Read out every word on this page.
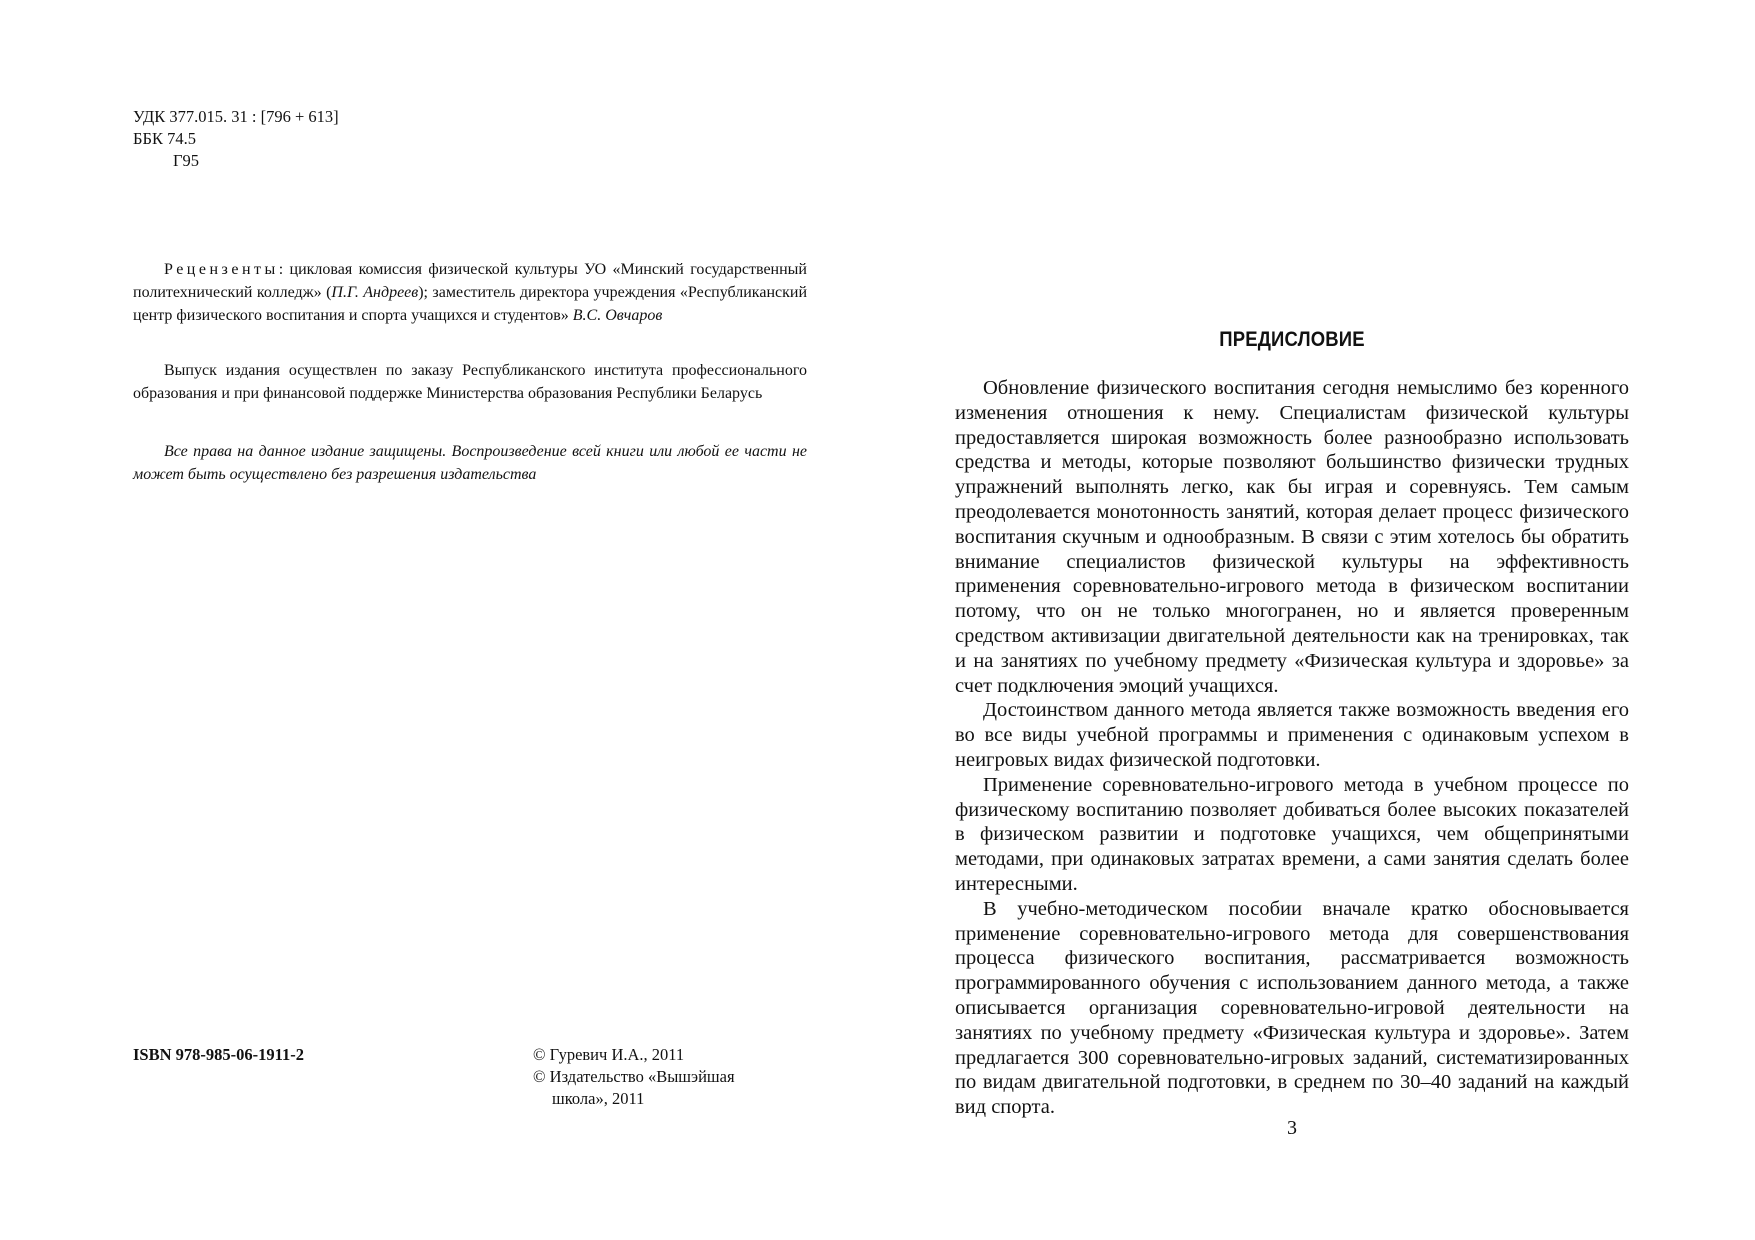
УДК 377.015. 31 : [796 + 613]
ББК 74.5
Г95
Рецензенты: цикловая комиссия физической культуры УО «Минский государственный политехнический колледж» (П.Г. Андреев); заместитель директора учреждения «Республиканский центр физического воспитания и спорта учащихся и студентов» В.С. Овчаров
Выпуск издания осуществлен по заказу Республиканского института профессионального образования и при финансовой поддержке Министерства образования Республики Беларусь
Все права на данное издание защищены. Воспроизведение всей книги или любой ее части не может быть осуществлено без разрешения издательства
ISBN 978-985-06-1911-2	© Гуревич И.А., 2011
© Издательство «Вышэйшая школа», 2011
ПРЕДИСЛОВИЕ

Обновление физического воспитания сегодня немыслимо без коренного изменения отношения к нему. Специалистам физической культуры предоставляется широкая возможность более разнообразно использовать средства и методы, которые позволяют большинство физически трудных упражнений выполнять легко, как бы играя и соревнуясь. Тем самым преодолевается монотонность занятий, которая делает процесс физического воспитания скучным и однообразным. В связи с этим хотелось бы обратить внимание специалистов физической культуры на эффективность применения соревновательно-игрового метода в физическом воспитании потому, что он не только многогранен, но и является проверенным средством активизации двигательной деятельности как на тренировках, так и на занятиях по учебному предмету «Физическая культура и здоровье» за счет подключения эмоций учащихся.

Достоинством данного метода является также возможность введения его во все виды учебной программы и применения с одинаковым успехом в неигровых видах физической подготовки.

Применение соревновательно-игрового метода в учебном процессе по физическому воспитанию позволяет добиваться более высоких показателей в физическом развитии и подготовке учащихся, чем общепринятыми методами, при одинаковых затратах времени, а сами занятия сделать более интересными.

В учебно-методическом пособии вначале кратко обосновывается применение соревновательно-игрового метода для совершенствования процесса физического воспитания, рассматривается возможность программированного обучения с использованием данного метода, а также описывается организация соревновательно-игровой деятельности на занятиях по учебному предмету «Физическая культура и здоровье». Затем предлагается 300 соревновательно-игровых заданий, систематизированных по видам двигательной подготовки, в среднем по 30–40 заданий на каждый вид спорта.

3
